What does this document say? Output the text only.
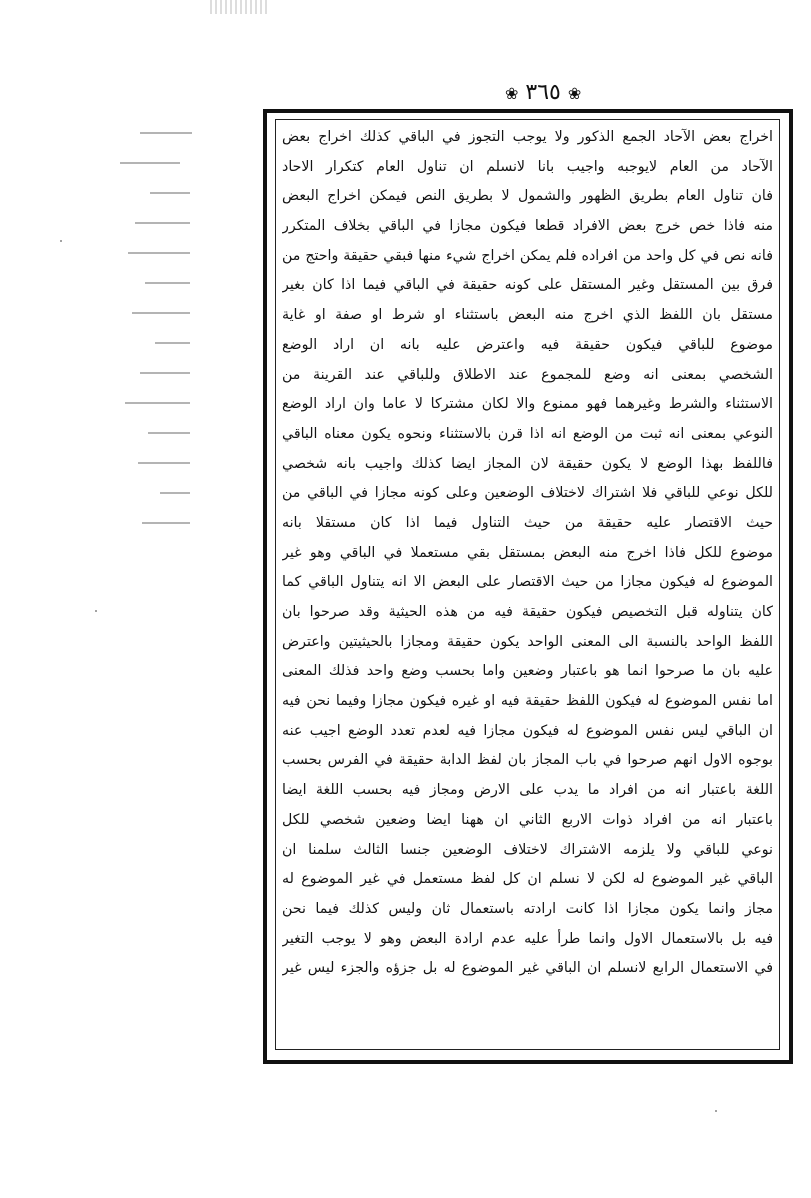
❀ ٣٦٥ ❀
اخراج بعض الآحاد الجمع الذكور ولا يوجب التجوز في الباقي كذلك اخراج بعض
الآحاد من العام لايوجبه واجيب بانا لانسلم ان تناول العام كتكرار الاحاد
فان تناول العام بطريق الظهور والشمول لا بطريق النص فيمكن اخراج البعض
منه فاذا خص خرج بعض الافراد قطعا فيكون مجازا في الباقي بخلاف المتكرر
فانه نص في كل واحد من افراده فلم يمكن اخراج شيء منها فبقي حقيقة واحتج من
فرق بين المستقل وغير المستقل على كونه حقيقة في الباقي فيما اذا كان بغير
مستقل بان اللفظ الذي اخرج منه البعض باستثناء او شرط او صفة او غاية
موضوع للباقي فيكون حقيقة فيه واعترض عليه بانه ان اراد الوضع
الشخصي بمعنى انه وضع للمجموع عند الاطلاق وللباقي عند القرينة من
الاستثناء والشرط وغيرهما فهو ممنوع والا لكان مشتركا لا عاما وان اراد الوضع
النوعي بمعنى انه ثبت من الوضع انه اذا قرن بالاستثناء ونحوه يكون معناه الباقي
فاللفظ بهذا الوضع لا يكون حقيقة لان المجاز ايضا كذلك واجيب بانه شخصي
للكل نوعي للباقي فلا اشتراك لاختلاف الوضعين وعلى كونه مجازا في الباقي من
حيث الاقتصار عليه حقيقة من حيث التناول فيما اذا كان مستقلا بانه
موضوع للكل فاذا اخرج منه البعض بمستقل بقي مستعملا في الباقي وهو غير
الموضوع له فيكون مجازا من حيث الاقتصار على البعض الا انه يتناول الباقي كما
كان يتناوله قبل التخصيص فيكون حقيقة فيه من هذه الحيثية وقد صرحوا بان
اللفظ الواحد بالنسبة الى المعنى الواحد يكون حقيقة ومجازا بالحيثيتين واعترض
عليه بان ما صرحوا انما هو باعتبار وضعين واما بحسب وضع واحد فذلك المعنى
اما نفس الموضوع له فيكون اللفظ حقيقة فيه او غيره فيكون مجازا وفيما نحن فيه
ان الباقي ليس نفس الموضوع له فيكون مجازا فيه لعدم تعدد الوضع اجيب عنه
بوجوه الاول انهم صرحوا في باب المجاز بان لفظ الدابة حقيقة في الفرس بحسب
اللغة باعتبار انه من افراد ما يدب على الارض ومجاز فيه بحسب اللغة ايضا
باعتبار انه من افراد ذوات الاربع الثاني ان ههنا ايضا وضعين شخصي للكل
نوعي للباقي ولا يلزمه الاشتراك لاختلاف الوضعين جنسا الثالث سلمنا ان
الباقي غير الموضوع له لكن لا نسلم ان كل لفظ مستعمل في غير الموضوع له
مجاز وانما يكون مجازا اذا كانت ارادته باستعمال ثان وليس كذلك فيما نحن
فيه بل بالاستعمال الاول وانما طرأ عليه عدم ارادة البعض وهو لا يوجب التغير
في الاستعمال الرابع لانسلم ان الباقي غير الموضوع له بل جزؤه والجزء ليس غير
